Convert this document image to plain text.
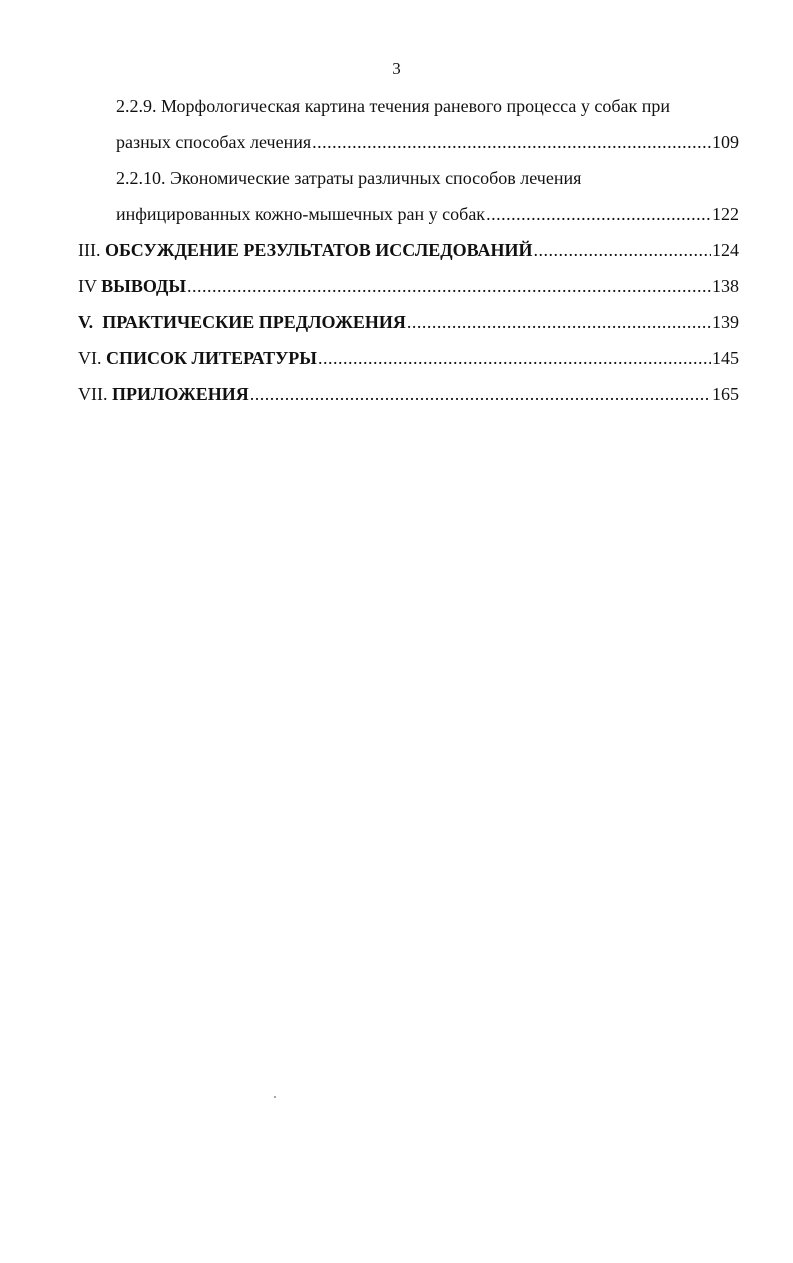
3
2.2.9. Морфологическая картина течения раневого процесса у собак при
разных способах лечения .....	109
2.2.10. Экономические затраты различных способов лечения
инфицированных кожно-мышечных ран у собак .....	122
III. ОБСУЖДЕНИЕ РЕЗУЛЬТАТОВ ИССЛЕДОВАНИЙ .....	124
IV ВЫВОДЫ .....	138
V.  ПРАКТИЧЕСКИЕ ПРЕДЛОЖЕНИЯ .....	139
VI. СПИСОК ЛИТЕРАТУРЫ .....	145
VII. ПРИЛОЖЕНИЯ .....	165
